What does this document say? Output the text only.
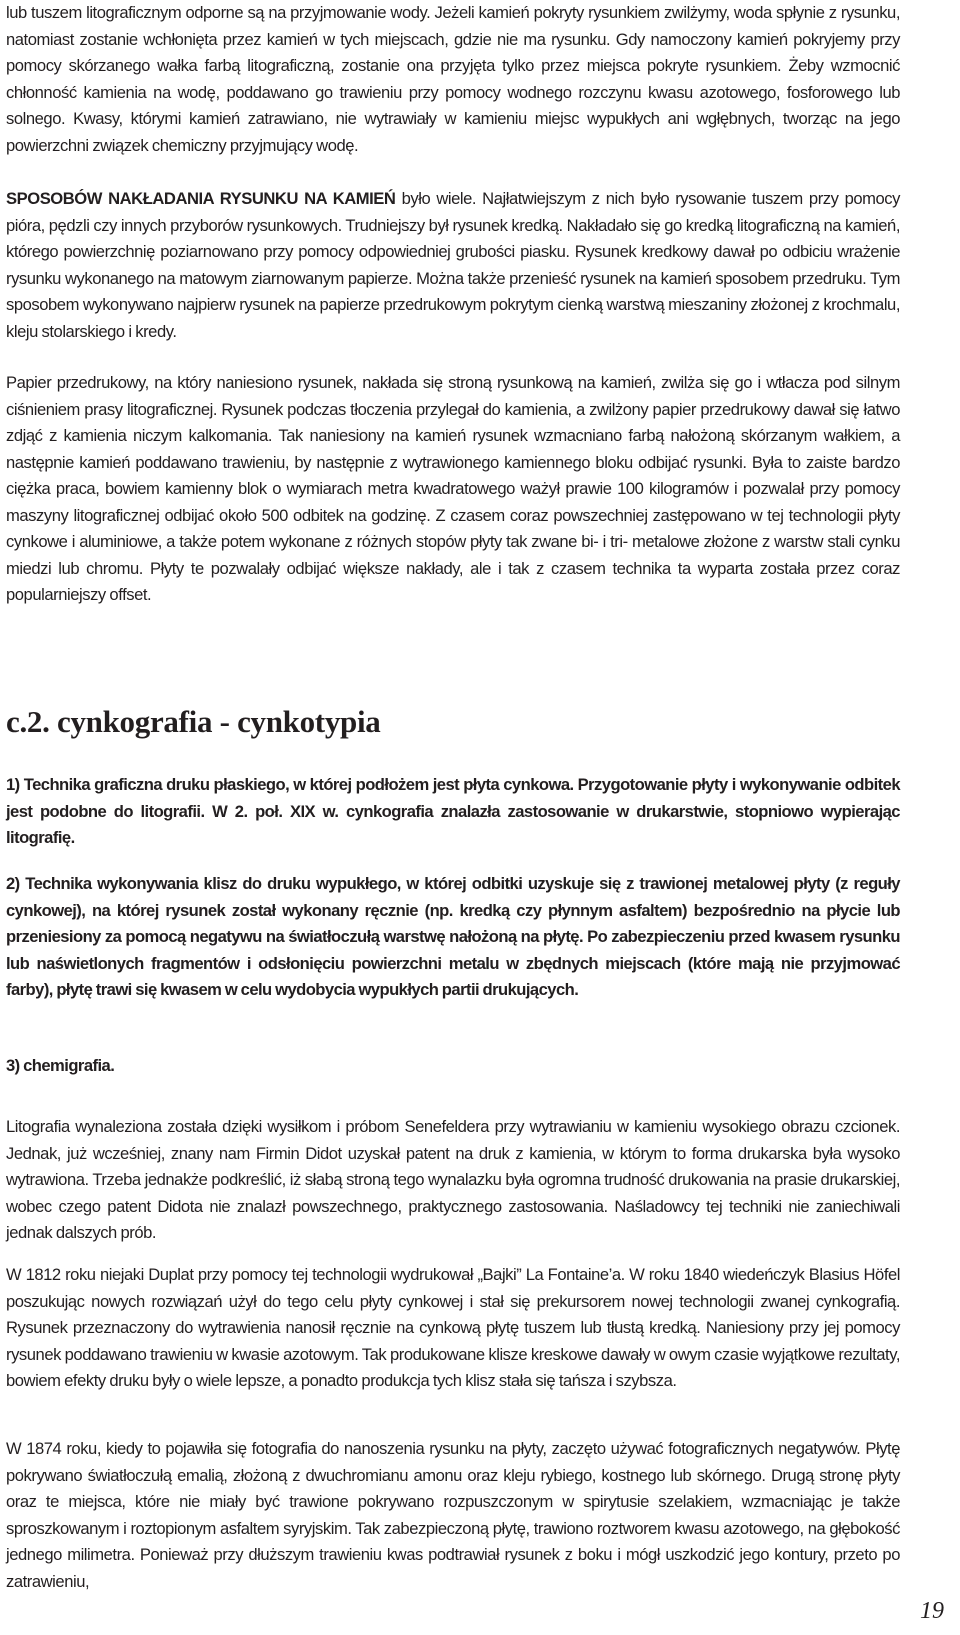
lub tuszem litograficznym odporne są na przyjmowanie wody. Jeżeli kamień pokryty rysunkiem zwilżymy, woda spłynie z rysunku, natomiast zostanie wchłonięta przez kamień w tych miejscach, gdzie nie ma rysunku. Gdy namoczony kamień pokryjemy przy pomocy skórzanego wałka farbą litograficzną, zostanie ona przyjęta tylko przez miejsca pokryte rysunkiem. Żeby wzmocnić chłonność kamienia na wodę, poddawano go trawieniu przy pomocy wodnego rozczynu kwasu azotowego, fosforowego lub solnego. Kwasy, którymi kamień zatrawiano, nie wytrawiały w kamieniu miejsc wypukłych ani wgłębnych, tworząc na jego powierzchni związek chemiczny przyjmujący wodę.

SPOSOBÓW NAKŁADANIA RYSUNKU NA KAMIEŃ było wiele. Najłatwiejszym z nich było rysowanie tuszem przy pomocy pióra, pędzli czy innych przyborów rysunkowych. Trudniejszy był rysunek kredką. Nakładało się go kredką litograficzną na kamień, którego powierzchnię poziarnowano przy pomocy odpowiedniej grubości piasku. Rysunek kredkowy dawał po odbiciu wrażenie rysunku wykonanego na matowym ziarnowanym papierze. Można także przenieść rysunek na kamień sposobem przedruku. Tym sposobem wykonywano najpierw rysunek na papierze przedrukowym pokrytym cienką warstwą mieszaniny złożonej z krochmalu, kleju stolarskiego i kredy.

Papier przedrukowy, na który naniesiono rysunek, nakłada się stroną rysunkową na kamień, zwilża się go i wtłacza pod silnym ciśnieniem prasy litograficznej. Rysunek podczas tłoczenia przylegał do kamienia, a zwilżony papier przedrukowy dawał się łatwo zdjąć z kamienia niczym kalkomania. Tak naniesiony na kamień rysunek wzmacniano farbą nałożoną skórzanym wałkiem, a następnie kamień poddawano trawieniu, by następnie z wytrawionego kamiennego bloku odbijać rysunki. Była to zaiste bardzo ciężka praca, bowiem kamienny blok o wymiarach metra kwadratowego ważył prawie 100 kilogramów i pozwalał przy pomocy maszyny litograficznej odbijać około 500 odbitek na godzinę. Z czasem coraz powszechniej zastępowano w tej technologii płyty cynkowe i aluminiowe, a także potem wykonane z różnych stopów płyty tak zwane bi- i tri- metalowe złożone z warstw stali cynku miedzi lub chromu. Płyty te pozwalały odbijać większe nakłady, ale i tak z czasem technika ta wyparta została przez coraz popularniejszy offset.

c.2. cynkografia - cynkotypia

1) Technika graficzna druku płaskiego, w której podłożem jest płyta cynkowa. Przygotowanie płyty i wykonywanie odbitek jest podobne do litografii. W 2. poł. XIX w. cynkografia znalazła zastosowanie w drukarstwie, stopniowo wypierając litografię.

2) Technika wykonywania klisz do druku wypukłego, w której odbitki uzyskuje się z trawionej metalowej płyty (z reguły cynkowej), na której rysunek został wykonany ręcznie (np. kredką czy płynnym asfaltem) bezpośrednio na płycie lub przeniesiony za pomocą negatywu na światłoczułą warstwę nałożoną na płytę. Po zabezpieczeniu przed kwasem rysunku lub naświetlonych fragmentów i odsłonięciu powierzchni metalu w zbędnych miejscach (które mają nie przyjmować farby), płytę trawi się kwasem w celu wydobycia wypukłych partii drukujących.

3) chemigrafia.

Litografia wynaleziona została dzięki wysiłkom i próbom Senefeldera przy wytrawianiu w kamieniu wysokiego obrazu czcionek. Jednak, już wcześniej, znany nam Firmin Didot uzyskał patent na druk z kamienia, w którym to forma drukarska była wysoko wytrawiona. Trzeba jednakże podkreślić, iż słabą stroną tego wynalazku była ogromna trudność drukowania na prasie drukarskiej, wobec czego patent Didota nie znalazł powszechnego, praktycznego zastosowania. Naśladowcy tej techniki nie zaniechiwali jednak dalszych prób.

W 1812 roku niejaki Duplat przy pomocy tej technologii wydrukował „Bajki” La Fontaine’a. W roku 1840 wiedeńczyk Blasius Höfel poszukując nowych rozwiązań użył do tego celu płyty cynkowej i stał się prekursorem nowej technologii zwanej cynkografią. Rysunek przeznaczony do wytrawienia nanosił ręcznie na cynkową płytę tuszem lub tłustą kredką. Naniesiony przy jej pomocy rysunek poddawano trawieniu w kwasie azotowym. Tak produkowane klisze kreskowe dawały w owym czasie wyjątkowe rezultaty, bowiem efekty druku były o wiele lepsze, a ponadto produkcja tych klisz stała się tańsza i szybsza.

W 1874 roku, kiedy to pojawiła się fotografia do nanoszenia rysunku na płyty, zaczęto używać fotograficznych negatywów. Płytę pokrywano światłoczułą emalią, złożoną z dwuchromianu amonu oraz kleju rybiego, kostnego lub skórnego. Drugą stronę płyty oraz te miejsca, które nie miały być trawione pokrywano rozpuszczonym w spirytusie szelakiem, wzmacniając je także sproszkowanym i roztopionym asfaltem syryjskim. Tak zabezpieczoną płytę, trawiono roztworem kwasu azotowego, na głębokość jednego milimetra. Ponieważ przy dłuższym trawieniu kwas podtrawiał rysunek z boku i mógł uszkodzić jego kontury, przeto po zatrawieniu,

19
